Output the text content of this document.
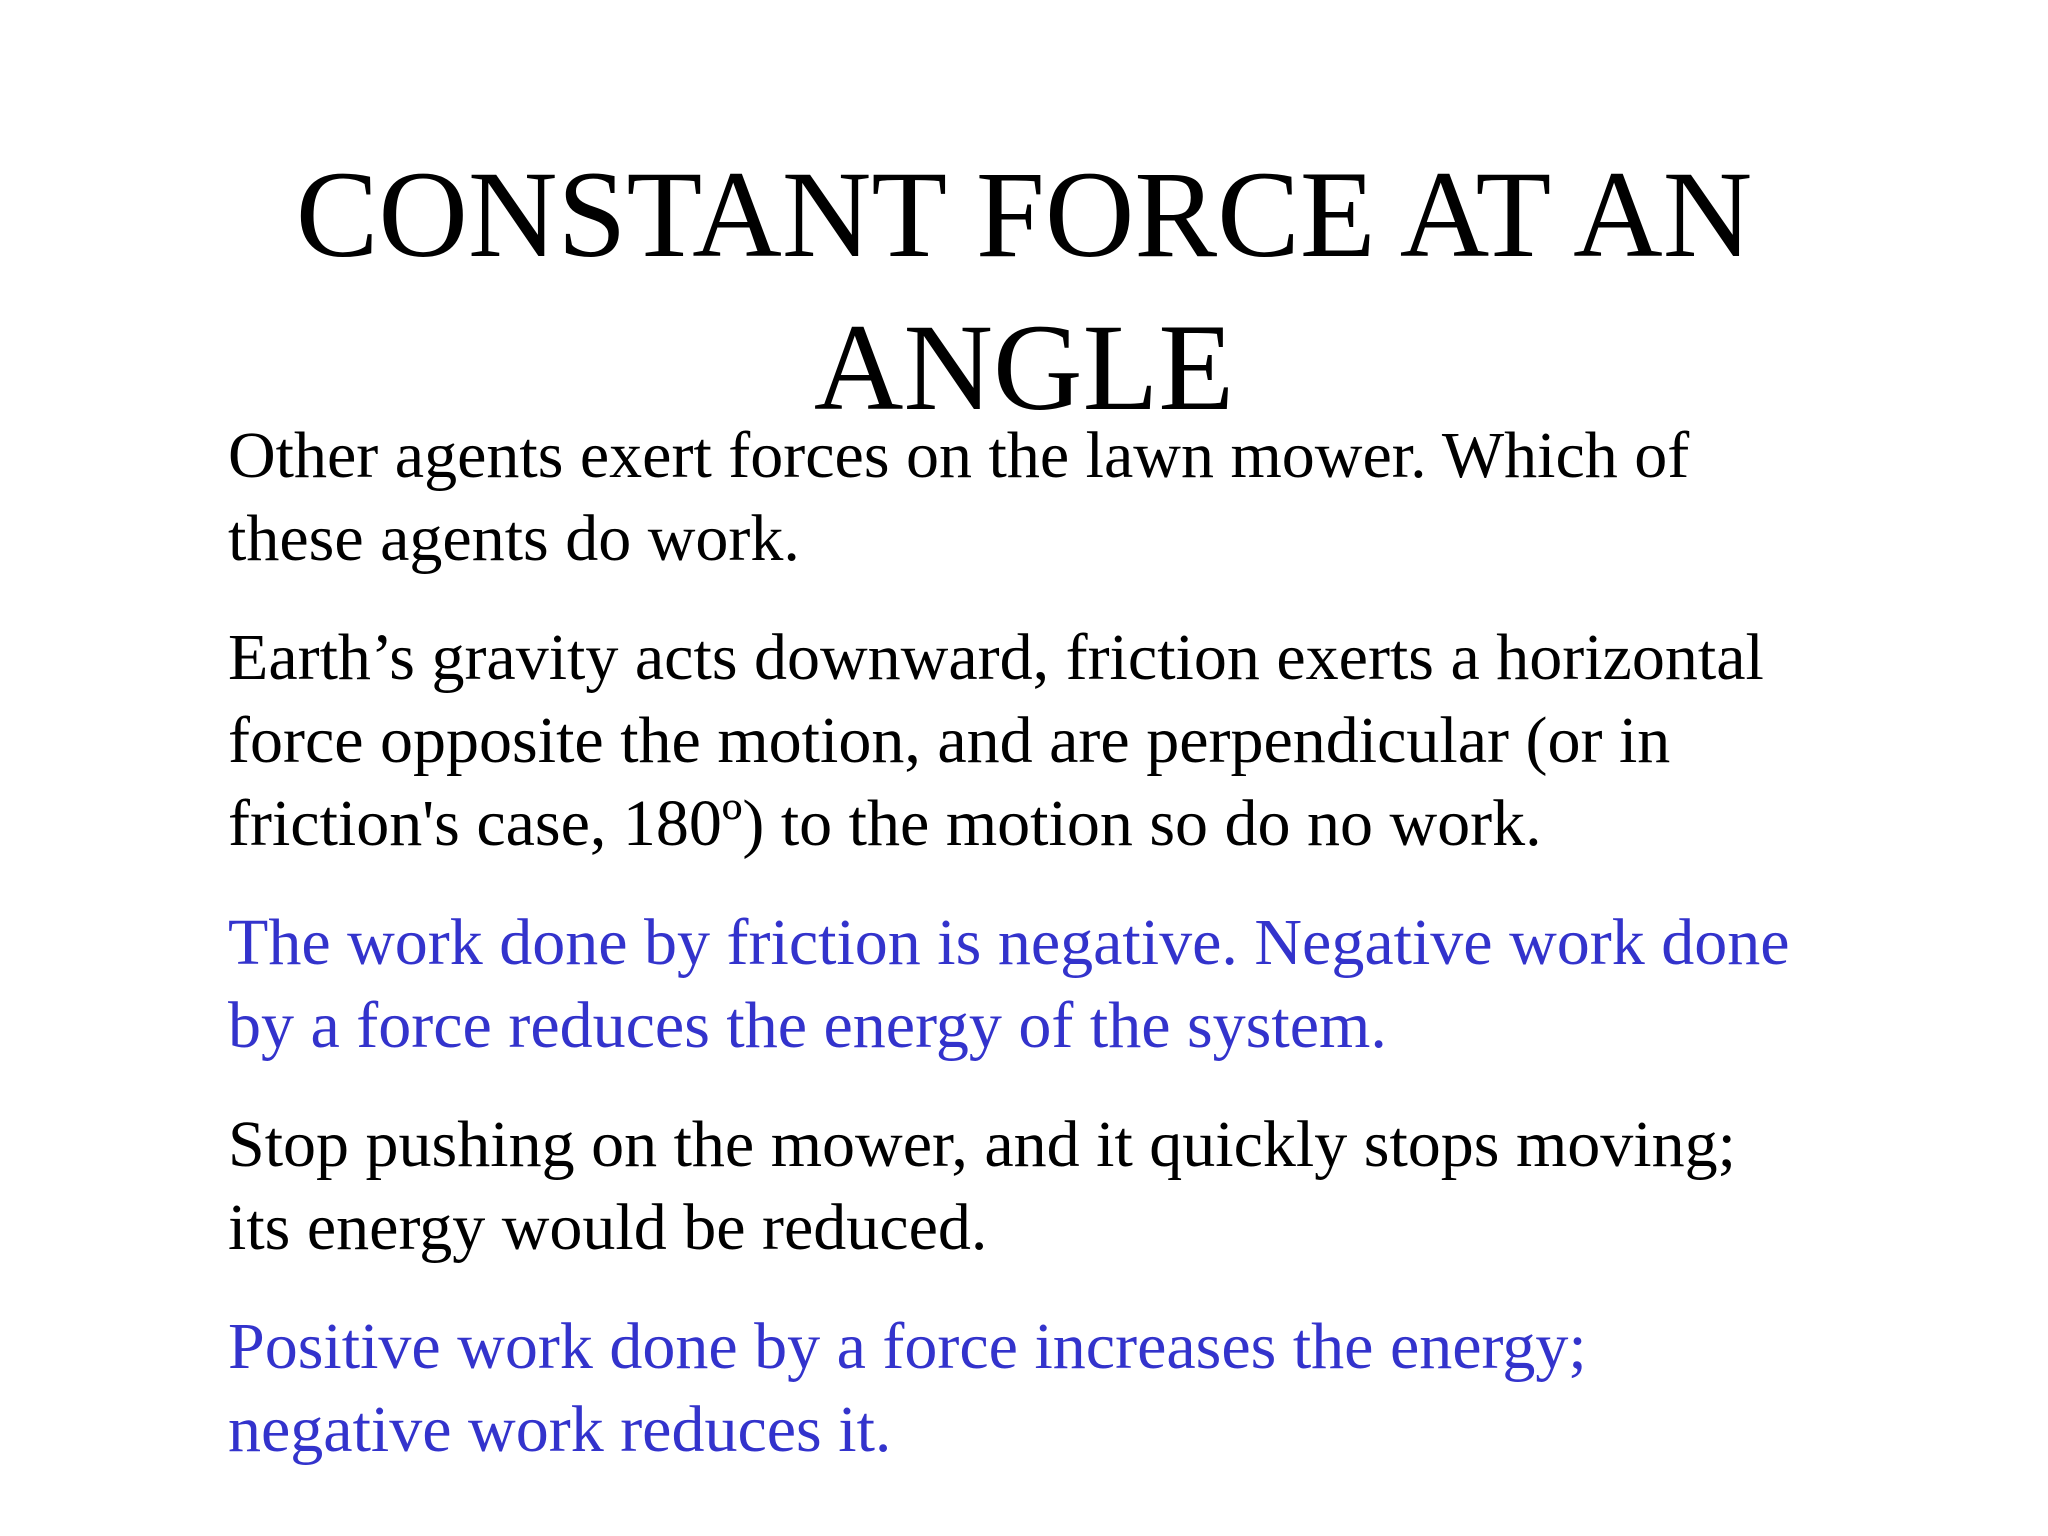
CONSTANT FORCE AT AN
ANGLE

Other agents exert forces on the lawn mower. Which of
these agents do work.

Earth’s gravity acts downward, friction exerts a horizontal
force opposite the motion, and are perpendicular (or in
friction's case, 180º) to the motion so do no work.

The work done by friction is negative. Negative work done
by a force reduces the energy of the system.

Stop pushing on the mower, and it quickly stops moving;
its energy would be reduced.

Positive work done by a force increases the energy;
negative work reduces it.
